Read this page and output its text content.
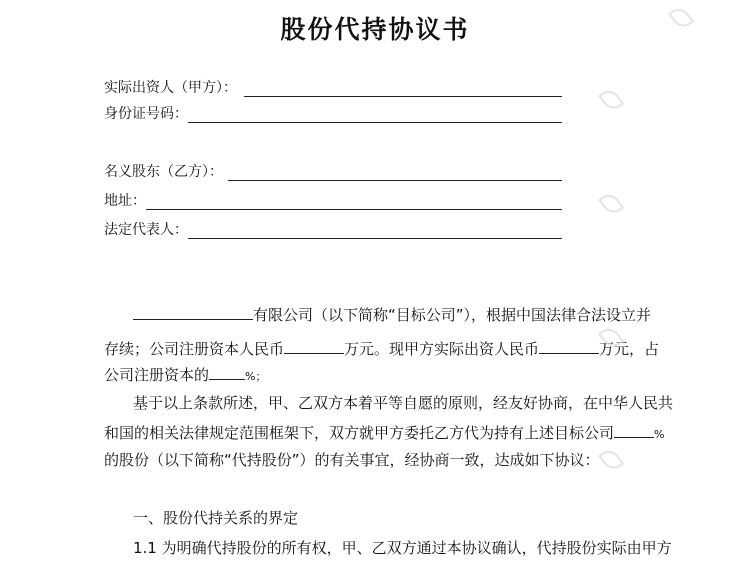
股份代持协议书
实际出资人（甲方）：
身份证号码：
名义股东（乙方）：
地址：
法定代表人：
有限公司（以下简称“目标公司”），根据中国法律合法设立并
存续；公司注册资本人民币	万元。现甲方实际出资人民币	万元，占
公司注册资本的	%；
基于以上条款所述，甲、乙双方本着平等自愿的原则，经友好协商，在中华人民共
和国的相关法律规定范围框架下，双方就甲方委托乙方代为持有上述目标公司	%
的股份（以下简称“代持股份”）的有关事宜，经协商一致，达成如下协议：
一、股份代持关系的界定
1.1 为明确代持股份的所有权，甲、乙双方通过本协议确认，代持股份实际由甲方
